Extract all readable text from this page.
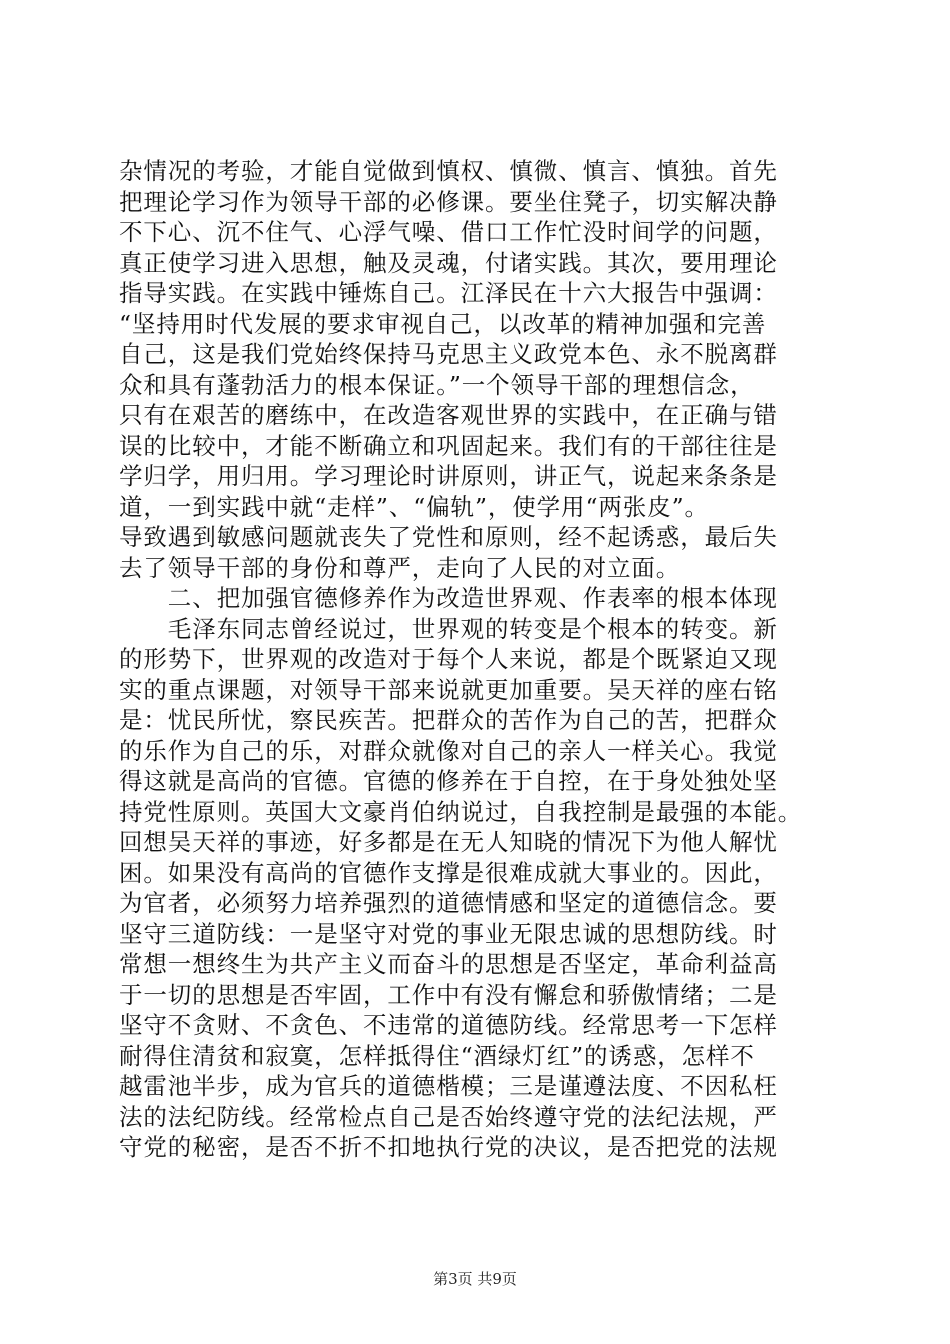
杂情况的考验，才能自觉做到慎权、慎微、慎言、慎独。首先
把理论学习作为领导干部的必修课。要坐住凳子，切实解决静
不下心、沉不住气、心浮气噪、借口工作忙没时间学的问题，
真正使学习进入思想，触及灵魂，付诸实践。其次，要用理论
指导实践。在实践中锤炼自己。江泽民在十六大报告中强调：
“坚持用时代发展的要求审视自己，以改革的精神加强和完善
自己，这是我们党始终保持马克思主义政党本色、永不脱离群
众和具有蓬勃活力的根本保证。”一个领导干部的理想信念，
只有在艰苦的磨练中，在改造客观世界的实践中，在正确与错
误的比较中，才能不断确立和巩固起来。我们有的干部往往是
学归学，用归用。学习理论时讲原则，讲正气，说起来条条是
道，一到实践中就“走样”、“偏轨”，使学用“两张皮”。
导致遇到敏感问题就丧失了党性和原则，经不起诱惑，最后失
去了领导干部的身份和尊严，走向了人民的对立面。
　　二、把加强官德修养作为改造世界观、作表率的根本体现
　　毛泽东同志曾经说过，世界观的转变是个根本的转变。新
的形势下，世界观的改造对于每个人来说，都是个既紧迫又现
实的重点课题，对领导干部来说就更加重要。吴天祥的座右铭
是：忧民所忧，察民疾苦。把群众的苦作为自己的苦，把群众
的乐作为自己的乐，对群众就像对自己的亲人一样关心。我觉
得这就是高尚的官德。官德的修养在于自控，在于身处独处坚
持党性原则。英国大文豪肖伯纳说过，自我控制是最强的本能。
回想吴天祥的事迹，好多都是在无人知晓的情况下为他人解忧
困。如果没有高尚的官德作支撑是很难成就大事业的。因此，
为官者，必须努力培养强烈的道德情感和坚定的道德信念。要
坚守三道防线：一是坚守对党的事业无限忠诚的思想防线。时
常想一想终生为共产主义而奋斗的思想是否坚定，革命利益高
于一切的思想是否牢固，工作中有没有懈怠和骄傲情绪；二是
坚守不贪财、不贪色、不违常的道德防线。经常思考一下怎样
耐得住清贫和寂寞，怎样抵得住“酒绿灯红”的诱惑，怎样不
越雷池半步，成为官兵的道德楷模；三是谨遵法度、不因私枉
法的法纪防线。经常检点自己是否始终遵守党的法纪法规，严
守党的秘密，是否不折不扣地执行党的决议，是否把党的法规
第3页 共9页
